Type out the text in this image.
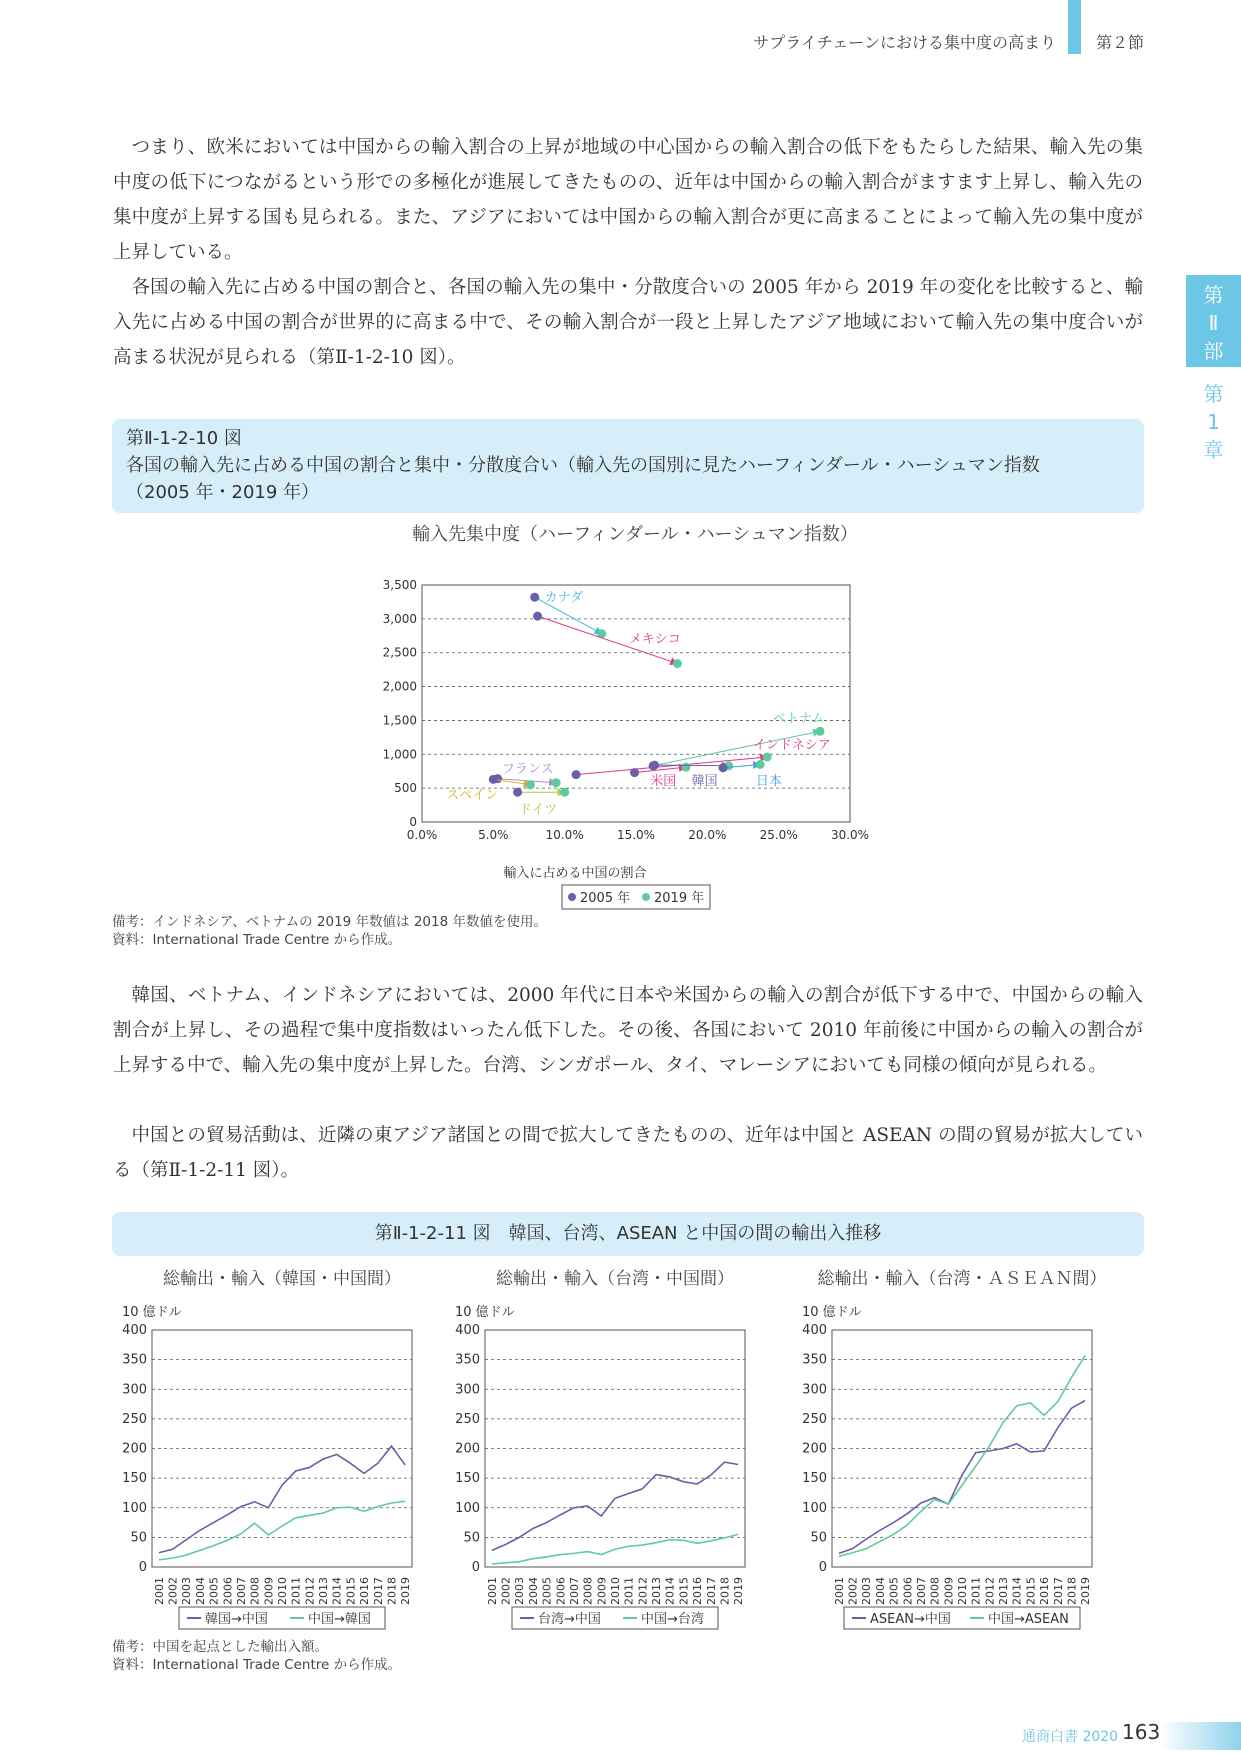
サプライチェーンにおける集中度の高まり	第２節
第
Ⅱ
部
第
1
章

つまり、欧米においては中国からの輸入割合の上昇が地域の中心国からの輸入割合の低下をもたらした結果、輸入先の集中度の低下につながるという形での多極化が進展してきたものの、近年は中国からの輸入割合がますます上昇し、輸入先の集中度が上昇する国も見られる。また、アジアにおいては中国からの輸入割合が更に高まることによって輸入先の集中度が上昇している。

各国の輸入先に占める中国の割合と、各国の輸入先の集中・分散度合いの 2005 年から 2019 年の変化を比較すると、輸入先に占める中国の割合が世界的に高まる中で、その輸入割合が一段と上昇したアジア地域において輸入先の集中度合いが高まる状況が見られる（第Ⅱ-1-2-10 図）。

第Ⅱ-1-2-10 図
各国の輸入先に占める中国の割合と集中・分散度合い（輸入先の国別に見たハーフィンダール・ハーシュマン指数
（2005 年・2019 年）
輸入先集中度（ハーフィンダール・ハーシュマン指数）
0
500
1,000
1,500
2,000
2,500
3,000
3,500
0.0%	5.0%	10.0%	15.0%	20.0%	25.0%	30.0%
輸入に占める中国の割合
カナダ
メキシコ
ベトナム
インドネシア
米国 韓国	日本
フランス
スペイン
ドイツ
2005 年 2019 年
備考：インドネシア、ベトナムの 2019 年数値は 2018 年数値を使用。
資料：International Trade Centre から作成。

韓国、ベトナム、インドネシアにおいては、2000 年代に日本や米国からの輸入の割合が低下する中で、中国からの輸入割合が上昇し、その過程で集中度指数はいったん低下した。その後、各国において 2010 年前後に中国からの輸入の割合が上昇する中で、輸入先の集中度が上昇した。台湾、シンガポール、タイ、マレーシアにおいても同様の傾向が見られる。

中国との貿易活動は、近隣の東アジア諸国との間で拡大してきたものの、近年は中国と ASEAN の間の貿易が拡大している（第Ⅱ-1-2-11 図）。

第Ⅱ-1-2-11 図　韓国、台湾、ASEAN と中国の間の輸出入推移
総輸出・輸入（韓国・中国間）
10 億ドル
0
50
100
150
200
250
300
350
400
2001 2002 2003 2004 2005 2006 2007 2008 2009 2010 2011 2012 2013 2014 2015 2016 2017 2018 2019
韓国→中国	中国→韓国
総輸出・輸入（台湾・中国間）
10 億ドル
0
50
100
150
200
250
300
350
400
2001 2002 2003 2004 2005 2006 2007 2008 2009 2010 2011 2012 2013 2014 2015 2016 2017 2018 2019
台湾→中国	中国→台湾
総輸出・輸入（台湾・ＡＳＥＡＮ間）
10 億ドル
0
50
100
150
200
250
300
350
400
2001 2002 2003 2004 2005 2006 2007 2008 2009 2010 2011 2012 2013 2014 2015 2016 2017 2018 2019
ASEAN→中国	中国→ASEAN
備考：中国を起点とした輸出入額。
資料：International Trade Centre から作成。
通商白書 2020 163
